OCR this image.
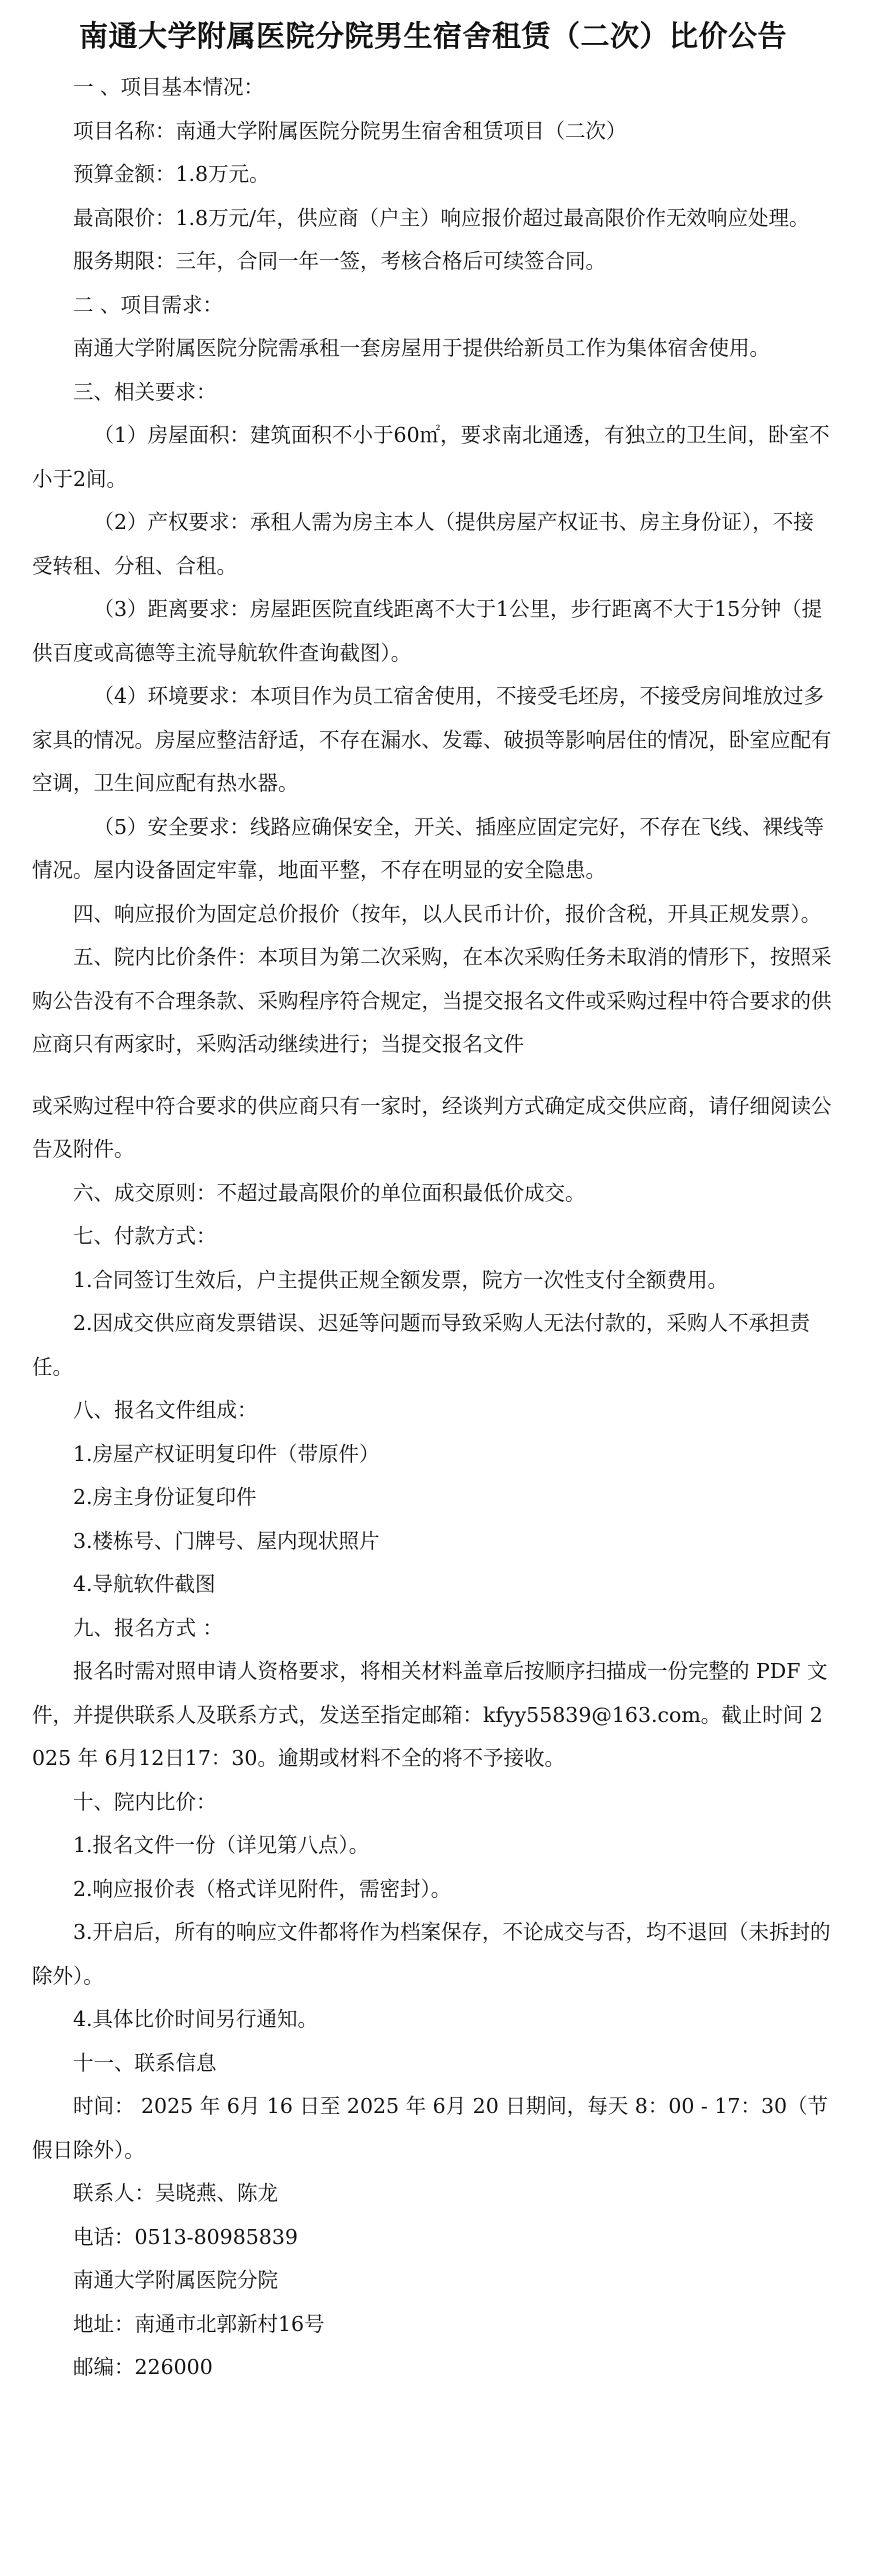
南通大学附属医院分院男生宿舍租赁（二次）比价公告
一 、项目基本情况：
项目名称：南通大学附属医院分院男生宿舍租赁项目（二次）
预算金额：1.8万元。
最高限价：1.8万元/年，供应商（户主）响应报价超过最高限价作无效响应处理。
服务期限：三年，合同一年一签，考核合格后可续签合同。
二 、项目需求：
南通大学附属医院分院需承租一套房屋用于提供给新员工作为集体宿舍使用。
三、相关要求：
（1）房屋面积：建筑面积不小于60㎡，要求南北通透，有独立的卫生间，卧室不小于2间。
（2）产权要求：承租人需为房主本人（提供房屋产权证书、房主身份证），不接受转租、分租、合租。
（3）距离要求：房屋距医院直线距离不大于1公里，步行距离不大于15分钟（提供百度或高德等主流导航软件查询截图）。
（4）环境要求：本项目作为员工宿舍使用，不接受毛坯房，不接受房间堆放过多家具的情况。房屋应整洁舒适，不存在漏水、发霉、破损等影响居住的情况，卧室应配有空调，卫生间应配有热水器。
（5）安全要求：线路应确保安全，开关、插座应固定完好，不存在飞线、裸线等情况。屋内设备固定牢靠，地面平整，不存在明显的安全隐患。
四、响应报价为固定总价报价（按年，以人民币计价，报价含税，开具正规发票）。
五、院内比价条件：本项目为第二次采购，在本次采购任务未取消的情形下，按照采购公告没有不合理条款、采购程序符合规定，当提交报名文件或采购过程中符合要求的供应商只有两家时，采购活动继续进行；当提交报名文件
或采购过程中符合要求的供应商只有一家时，经谈判方式确定成交供应商，请仔细阅读公告及附件。
六、成交原则：不超过最高限价的单位面积最低价成交。
七、付款方式：
1.合同签订生效后，户主提供正规全额发票，院方一次性支付全额费用。
2.因成交供应商发票错误、迟延等问题而导致采购人无法付款的，采购人不承担责任。
八、报名文件组成：
1.房屋产权证明复印件（带原件）
2.房主身份证复印件
3.楼栋号、门牌号、屋内现状照片
4.导航软件截图
九、报名方式 ：
报名时需对照申请人资格要求，将相关材料盖章后按顺序扫描成一份完整的 PDF 文件，并提供联系人及联系方式，发送至指定邮箱：kfyy55839@163.com。截止时间 2025 年 6月12日17：30。逾期或材料不全的将不予接收。
十、院内比价：
1.报名文件一份（详见第八点）。
2.响应报价表（格式详见附件，需密封）。
3.开启后，所有的响应文件都将作为档案保存，不论成交与否，均不退回（未拆封的除外）。
4.具体比价时间另行通知。
十一、联系信息
时间： 2025 年 6月 16 日至 2025 年 6月 20 日期间，每天 8：00 - 17：30（节假日除外）。
联系人：吴晓燕、陈龙
电话：0513-80985839
南通大学附属医院分院
地址：南通市北郭新村16号
邮编：226000
